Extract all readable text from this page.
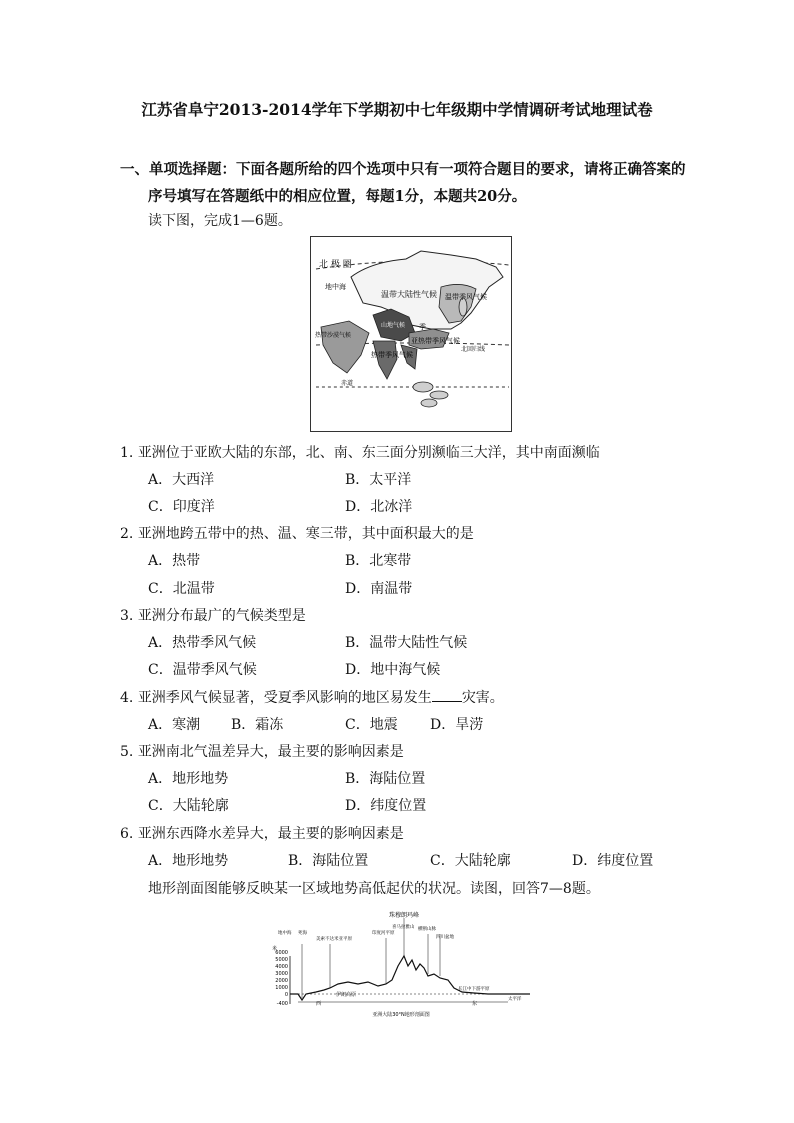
江苏省阜宁2013-2014学年下学期初中七年级期中学情调研考试地理试卷
一、单项选择题：下面各题所给的四个选项中只有一项符合题目的要求，请将正确答案的
序号填写在答题纸中的相应位置，每题1分，本题共20分。
读下图，完成1—6题。
北 极 圈
地中海
温带大陆性气候 温带季风气候
季
亚热带季风气候
北回归线
热带季风气候
山地气候
热带沙漠气候
赤道
1. 亚洲位于亚欧大陆的东部，北、南、东三面分别濒临三大洋，其中南面濒临
A．大西洋	B．太平洋
C．印度洋	D．北冰洋
2. 亚洲地跨五带中的热、温、寒三带，其中面积最大的是
A．热带	B．北寒带
C．北温带	D．南温带
3. 亚洲分布最广的气候类型是
A．热带季风气候	B．温带大陆性气候
C．温带季风气候	D．地中海气候
4. 亚洲季风气候显著，受夏季风影响的地区易发生 灾害。
A．寒潮 B．霜冻	C．地震 D．旱涝
5. 亚洲南北气温差异大，最主要的影响因素是
A．地形地势	B．海陆位置
C．大陆轮廓	D．纬度位置
6. 亚洲东西降水差异大，最主要的影响因素是
A．地形地势	B．海陆位置	C．大陆轮廓	D．纬度位置
地形剖面图能够反映某一区域地势高低起伏的状况。读图，回答7—8题。
6000
5000
4000
3000
2000
1000
0
-400
米
珠穆朗玛峰
地中海 死海
美索不达米亚平原
伊朗高原
印度河平原
喜马拉雅山 横断山脉
四川盆地
长江中下游平原
太平洋
西	东
亚洲大陆30°N地形剖面图
